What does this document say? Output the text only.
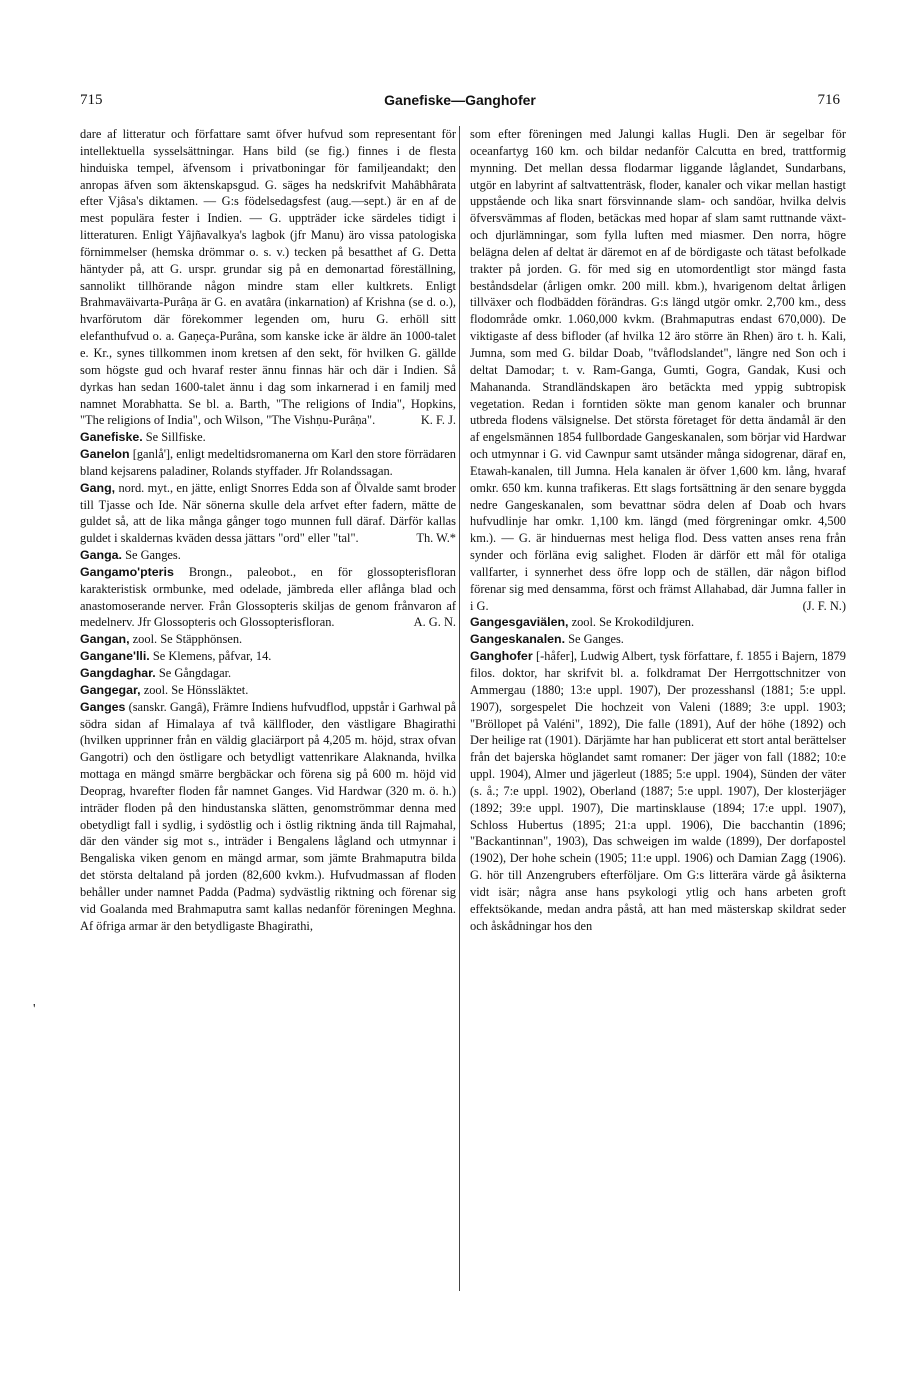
715	Ganefiske—Ganghofer	716

dare af litteratur och författare samt öfver hufvud som representant för intellektuella sysselsättningar. Hans bild (se fig.) finnes i de flesta hinduiska tempel, äfvensom i privatboningar för familjeandakt; den anropas äfven som äktenskapsgud. G. säges ha nedskrifvit Mahâbhârata efter Vjâsa's diktamen. — G:s födelsedagsfest (aug.—sept.) är en af de mest populära fester i Indien. — G. uppträder icke särdeles tidigt i litteraturen. Enligt Yâjñavalkya's lagbok (jfr Manu) äro vissa patologiska förnimmelser (hemska drömmar o. s. v.) tecken på besatthet af G. Detta häntyder på, att G. urspr. grundar sig på en demonartad föreställning, sannolikt tillhörande någon mindre stam eller kultkrets. Enligt Brahmaväivarta-Purâṇa är G. en avatâra (inkarnation) af Krishna (se d. o.), hvarförutom där förekommer legenden om, huru G. erhöll sitt elefanthufvud o. a. Gaṇeça-Purâna, som kanske icke är äldre än 1000-talet e. Kr., synes tillkommen inom kretsen af den sekt, för hvilken G. gällde som högste gud och hvaraf rester ännu finnas här och där i Indien. Så dyrkas han sedan 1600-talet ännu i dag som inkarnerad i en familj med namnet Morabhatta. Se bl. a. Barth, "The religions of India", Hopkins, "The religions of India", och Wilson, "The Vishṇu-Purâṇa".	K. F. J.

Ganefiske. Se Sillfiske.

Ganelon [ganlå'], enligt medeltidsromanerna om Karl den store förrädaren bland kejsarens paladiner, Rolands styffader. Jfr Rolandssagan.

Gang, nord. myt., en jätte, enligt Snorres Edda son af Ölvalde samt broder till Tjasse och Ide. När sönerna skulle dela arfvet efter fadern, mätte de guldet så, att de lika många gånger togo munnen full däraf. Därför kallas guldet i skaldernas kväden dessa jättars "ord" eller "tal".	Th. W.*

Ganga. Se Ganges.

Gangamo'pteris Brongn., paleobot., en för glossopterisfloran karakteristisk ormbunke, med odelade, jämbreda eller aflånga blad och anastomoserande nerver. Från Glossopteris skiljas de genom frånvaron af medelnerv. Jfr Glossopteris och Glossopterisfloran.	A. G. N.

Gangan, zool. Se Stäpphönsen.

Gangane'lli. Se Klemens, påfvar, 14.

Gangdaghar. Se Gångdagar.

Gangegar, zool. Se Hönssläktet.

Ganges (sanskr. Gangâ), Främre Indiens hufvudflod, uppstår i Garhwal på södra sidan af Himalaya af två källfloder, den västligare Bhagirathi (hvilken upprinner från en väldig glaciärport på 4,205 m. höjd, strax ofvan Gangotri) och den östligare och betydligt vattenrikare Alaknanda, hvilka mottaga en mängd smärre bergbäckar och förena sig på 600 m. höjd vid Deoprag, hvarefter floden får namnet Ganges. Vid Hardwar (320 m. ö. h.) inträder floden på den hindustanska slätten, genomströmmar denna med obetydligt fall i sydlig, i sydöstlig och i östlig riktning ända till Rajmahal, där den vänder sig mot s., inträder i Bengalens lågland och utmynnar i Bengaliska viken genom en mängd armar, som jämte Brahmaputra bilda det största deltaland på jorden (82,600 kvkm.). Hufvudmassan af floden behåller under namnet Padda (Padma) sydvästlig riktning och förenar sig vid Goalanda med Brahmaputra samt kallas nedanför föreningen Meghna. Af öfriga armar är den betydligaste Bhagirathi,

som efter föreningen med Jalungi kallas Hugli. Den är segelbar för oceanfartyg 160 km. och bildar nedanför Calcutta en bred, trattformig mynning. Det mellan dessa flodarmar liggande låglandet, Sundarbans, utgör en labyrint af saltvattenträsk, floder, kanaler och vikar mellan hastigt uppstående och lika snart försvinnande slam- och sandöar, hvilka delvis öfversvämmas af floden, betäckas med hopar af slam samt ruttnande växt- och djurlämningar, som fylla luften med miasmer. Den norra, högre belägna delen af deltat är däremot en af de bördigaste och tätast befolkade trakter på jorden. G. för med sig en utomordentligt stor mängd fasta beståndsdelar (årligen omkr. 200 mill. kbm.), hvarigenom deltat årligen tillväxer och flodbädden förändras. G:s längd utgör omkr. 2,700 km., dess flodområde omkr. 1.060,000 kvkm. (Brahmaputras endast 670,000). De viktigaste af dess bifloder (af hvilka 12 äro större än Rhen) äro t. h. Kali, Jumna, som med G. bildar Doab, "tvåflodslandet", längre ned Son och i deltat Damodar; t. v. Ram-Ganga, Gumti, Gogra, Gandak, Kusi och Mahananda. Strandländskapen äro betäckta med yppig subtropisk vegetation. Redan i forntiden sökte man genom kanaler och brunnar utbreda flodens välsignelse. Det största företaget för detta ändamål är den af engelsmännen 1854 fullbordade Gangeskanalen, som börjar vid Hardwar och utmynnar i G. vid Cawnpur samt utsänder många sidogrenar, däraf en, Etawah-kanalen, till Jumna. Hela kanalen är öfver 1,600 km. lång, hvaraf omkr. 650 km. kunna trafikeras. Ett slags fortsättning är den senare byggda nedre Gangeskanalen, som bevattnar södra delen af Doab och hvars hufvudlinje har omkr. 1,100 km. längd (med förgreningar omkr. 4,500 km.). — G. är hinduernas mest heliga flod. Dess vatten anses rena från synder och förläna evig salighet. Floden är därför ett mål för otaliga vallfarter, i synnerhet dess öfre lopp och de ställen, där någon biflod förenar sig med densamma, först och främst Allahabad, där Jumna faller in i G.	(J. F. N.)

Gangesgaviälen, zool. Se Krokodildjuren.

Gangeskanalen. Se Ganges.

Ganghofer [-håfer], Ludwig Albert, tysk författare, f. 1855 i Bajern, 1879 filos. doktor, har skrifvit bl. a. folkdramat Der Herrgottschnitzer von Ammergau (1880; 13:e uppl. 1907), Der prozesshansl (1881; 5:e uppl. 1907), sorgespelet Die hochzeit von Valeni (1889; 3:e uppl. 1903; "Bröllopet på Valéni", 1892), Die falle (1891), Auf der höhe (1892) och Der heilige rat (1901). Därjämte har han publicerat ett stort antal berättelser från det bajerska höglandet samt romaner: Der jäger von fall (1882; 10:e uppl. 1904), Almer und jägerleut (1885; 5:e uppl. 1904), Sünden der väter (s. å.; 7:e uppl. 1902), Oberland (1887; 5:e uppl. 1907), Der klosterjäger (1892; 39:e uppl. 1907), Die martinsklause (1894; 17:e uppl. 1907), Schloss Hubertus (1895; 21:a uppl. 1906), Die bacchantin (1896; "Backantinnan", 1903), Das schweigen im walde (1899), Der dorfapostel (1902), Der hohe schein (1905; 11:e uppl. 1906) och Damian Zagg (1906). G. hör till Anzengrubers efterföljare. Om G:s litterära värde gå åsikterna vidt isär; några anse hans psykologi ytlig och hans arbeten groft effektsökande, medan andra påstå, att han med mästerskap skildrat seder och åskådningar hos den

'
